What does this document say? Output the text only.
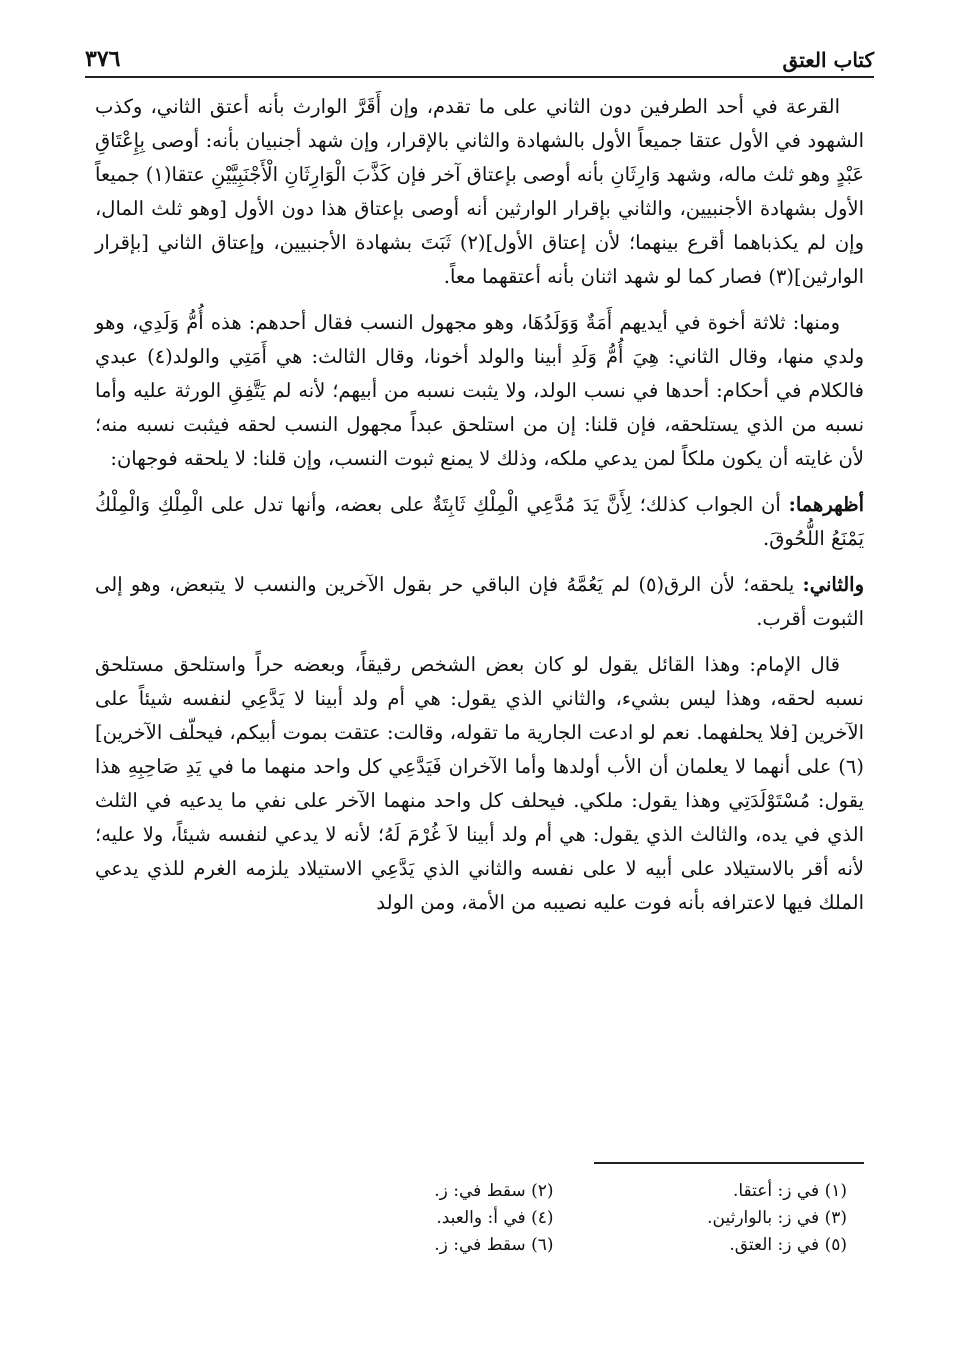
٣٧٦	كتاب العتق

القرعة في أحد الطرفين دون الثاني على ما تقدم، وإن أَقَرَّ الوارث بأنه أعتق الثاني، وكذب الشهود في الأول عتقا جميعاً الأول بالشهادة والثاني بالإقرار، وإن شهد أجنبيان بأنه: أوصى بِإِعْتَاقِ عَبْدٍ وهو ثلث ماله، وشهد وَارِثَانِ بأنه أوصى بإعتاق آخر فإن كَذَّبَ الْوَارِثَانِ الْأَجْنَبِيَّيْنِ عتقا(١) جميعاً الأول بشهادة الأجنبيين، والثاني بإقرار الوارثين أنه أوصى بإعتاق هذا دون الأول [وهو ثلث المال، وإن لم يكذباهما أقرع بينهما؛ لأن إعتاق الأول](٢) ثَبَتَ بشهادة الأجنبيين، وإعتاق الثاني [بإقرار الوارثين](٣) فصار كما لو شهد اثنان بأنه أعتقهما معاً.

ومنها: ثلاثة أخوة في أيديهم أَمَةٌ وَوَلَدُهَا، وهو مجهول النسب فقال أحدهم: هذه أُمُّ وَلَدِي، وهو ولدي منها، وقال الثاني: هِيَ أُمُّ وَلَدِ أبينا والولد أخونا، وقال الثالث: هي أَمَتِي والولد(٤) عبدي فالكلام في أحكام: أحدها في نسب الولد، ولا يثبت نسبه من أبيهم؛ لأنه لم يَتَّفِقِ الورثة عليه وأما نسبه من الذي يستلحقه، فإن قلنا: إن من استلحق عبداً مجهول النسب لحقه فيثبت نسبه منه؛ لأن غايته أن يكون ملكاً لمن يدعي ملكه، وذلك لا يمنع ثبوت النسب، وإن قلنا: لا يلحقه فوجهان:

أظهرهما: أن الجواب كذلك؛ لِأَنَّ يَدَ مُدَّعِي الْمِلْكِ ثَابِتَةٌ على بعضه، وأنها تدل على الْمِلْكِ وَالْمِلْكُ يَمْنَعُ اللُّحُوقَ.

والثاني: يلحقه؛ لأن الرق(٥) لم يَعُمَّهُ فإن الباقي حر بقول الآخرين والنسب لا يتبعض، وهو إلى الثبوت أقرب.

قال الإمام: وهذا القائل يقول لو كان بعض الشخص رقيقاً، وبعضه حراً واستلحق مستلحق نسبه لحقه، وهذا ليس بشيء، والثاني الذي يقول: هي أم ولد أبينا لا يَدَّعِي لنفسه شيئاً على الآخرين [فلا يحلفهما. نعم لو ادعت الجارية ما تقوله، وقالت: عتقت بموت أبيكم، فيحلّف الآخرين](٦) على أنهما لا يعلمان أن الأب أولدها وأما الآخران فَيَدَّعِي كل واحد منهما ما في يَدِ صَاحِبِهِ هذا يقول: مُسْتَوْلَدَتِي وهذا يقول: ملكي. فيحلف كل واحد منهما الآخر على نفي ما يدعيه في الثلث الذي في يده، والثالث الذي يقول: هي أم ولد أبينا لاَ غُرْمَ لَهُ؛ لأنه لا يدعي لنفسه شيئاً، ولا عليه؛ لأنه أقر بالاستيلاد على أبيه لا على نفسه والثاني الذي يَدَّعِي الاستيلاد يلزمه الغرم للذي يدعي الملك فيها لاعترافه بأنه فوت عليه نصيبه من الأمة، ومن الولد

(١) في ز: أعتقا.
(٢) سقط في: ز.
(٣) في ز: بالوارثين.
(٤) في أ: والعبد.
(٥) في ز: العتق.
(٦) سقط في: ز.
